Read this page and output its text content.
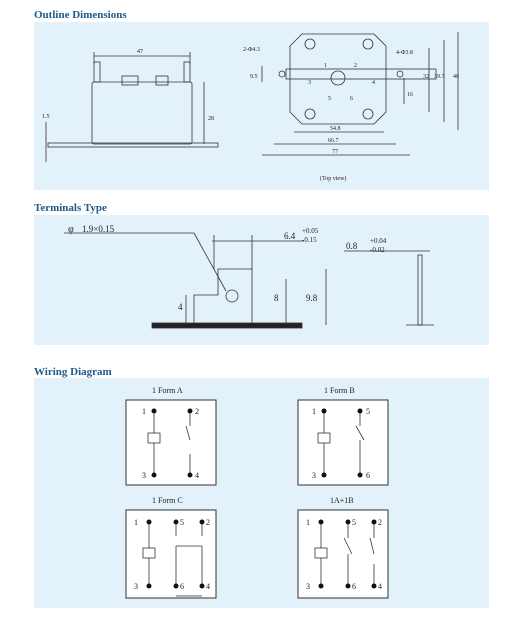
Outline Dimensions
47
28
1.5
2-Φ4.3	4-Φ3.8
9.5
54.8
66.7
77
32 39.7 46
16
1	2
3	4
5	6
(Top view)
Terminals Type
φ 1.9×0.15
6.4 +0.05
-0.15
0.8 +0.04
-0.02
4
8	9.8
Wiring Diagram
1 Form A
1	2
3	4
1 Form B
1	5
3	6
1 Form C
1	5	2
3	6	4
1A+1B
1	5	2
3	6	4
